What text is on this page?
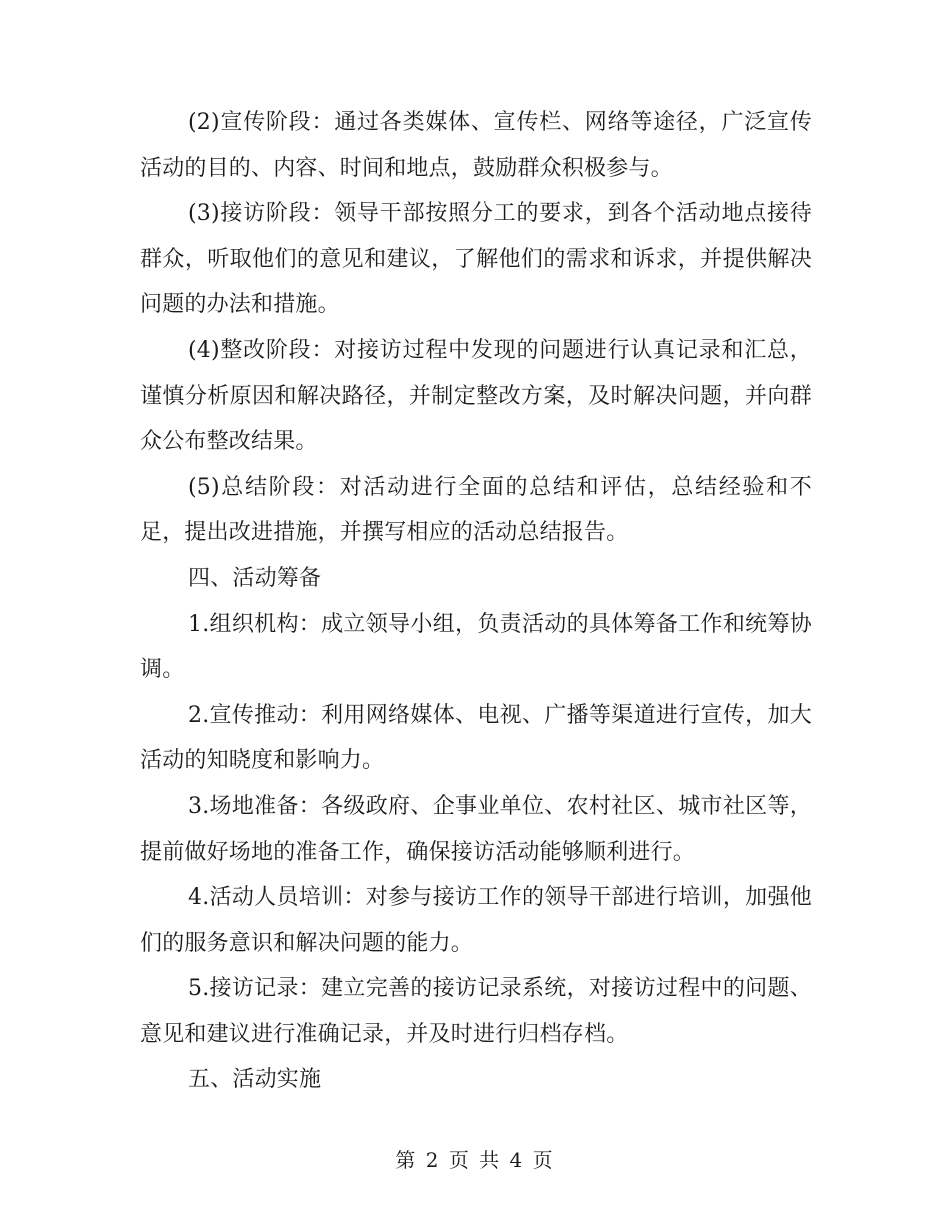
(2)宣传阶段：通过各类媒体、宣传栏、网络等途径，广泛宣传活动的目的、内容、时间和地点，鼓励群众积极参与。

(3)接访阶段：领导干部按照分工的要求，到各个活动地点接待群众，听取他们的意见和建议，了解他们的需求和诉求，并提供解决问题的办法和措施。

(4)整改阶段：对接访过程中发现的问题进行认真记录和汇总，谨慎分析原因和解决路径，并制定整改方案，及时解决问题，并向群众公布整改结果。

(5)总结阶段：对活动进行全面的总结和评估，总结经验和不足，提出改进措施，并撰写相应的活动总结报告。

四、活动筹备

1.组织机构：成立领导小组，负责活动的具体筹备工作和统筹协调。

2.宣传推动：利用网络媒体、电视、广播等渠道进行宣传，加大活动的知晓度和影响力。

3.场地准备：各级政府、企事业单位、农村社区、城市社区等，提前做好场地的准备工作，确保接访活动能够顺利进行。

4.活动人员培训：对参与接访工作的领导干部进行培训，加强他们的服务意识和解决问题的能力。

5.接访记录：建立完善的接访记录系统，对接访过程中的问题、意见和建议进行准确记录，并及时进行归档存档。

五、活动实施

第 2 页 共 4 页
